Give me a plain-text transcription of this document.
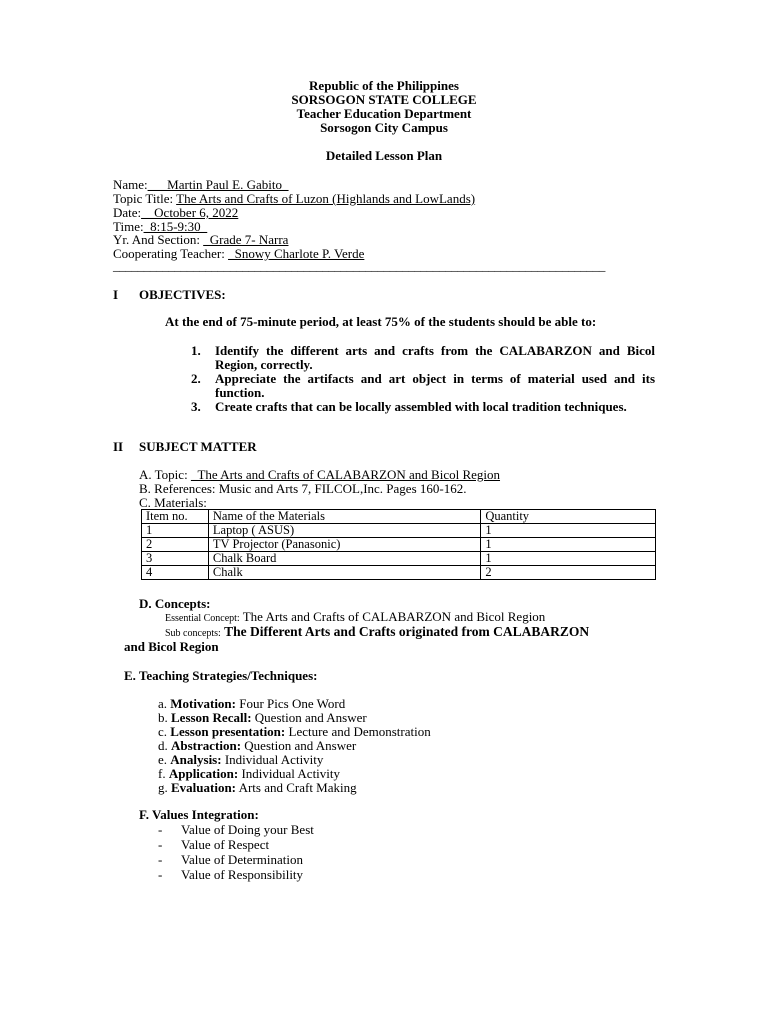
Republic of the Philippines
SORSOGON STATE COLLEGE
Teacher Education Department
Sorsogon City Campus
Detailed Lesson Plan
Name:___Martin Paul E. Gabito_
Topic Title: The Arts and Crafts of Luzon (Highlands and LowLands)
Date:__October 6, 2022
Time:_8:15-9:30_
Yr. And Section: _Grade 7- Narra
Cooperating Teacher: _Snowy Charlote P. Verde
________________________________________________________________________________
I OBJECTIVES:
At the end of 75-minute period, at least 75% of the students should be able to:
1. Identify the different arts and crafts from the CALABARZON and Bicol
Region, correctly.
2. Appreciate the artifacts and art object in terms of material used and its
function.
3. Create crafts that can be locally assembled with local tradition techniques.
II SUBJECT MATTER
A. Topic: _The Arts and Crafts of CALABARZON and Bicol Region
B. References: Music and Arts 7, FILCOL,Inc. Pages 160-162.
C. Materials:
Item no.	Name of the Materials	Quantity
1	Laptop ( ASUS)	1
2	TV Projector (Panasonic)	1
3	Chalk Board	1
4	Chalk	2
D. Concepts:
Essential Concept: The Arts and Crafts of CALABARZON and Bicol Region
Sub concepts: The Different Arts and Crafts originated from CALABARZON
and Bicol Region
E. Teaching Strategies/Techniques:
a. Motivation: Four Pics One Word
b. Lesson Recall: Question and Answer
c. Lesson presentation: Lecture and Demonstration
d. Abstraction: Question and Answer
e. Analysis: Individual Activity
f. Application: Individual Activity
g. Evaluation: Arts and Craft Making
F. Values Integration:
- Value of Doing your Best
- Value of Respect
- Value of Determination
- Value of Responsibility
